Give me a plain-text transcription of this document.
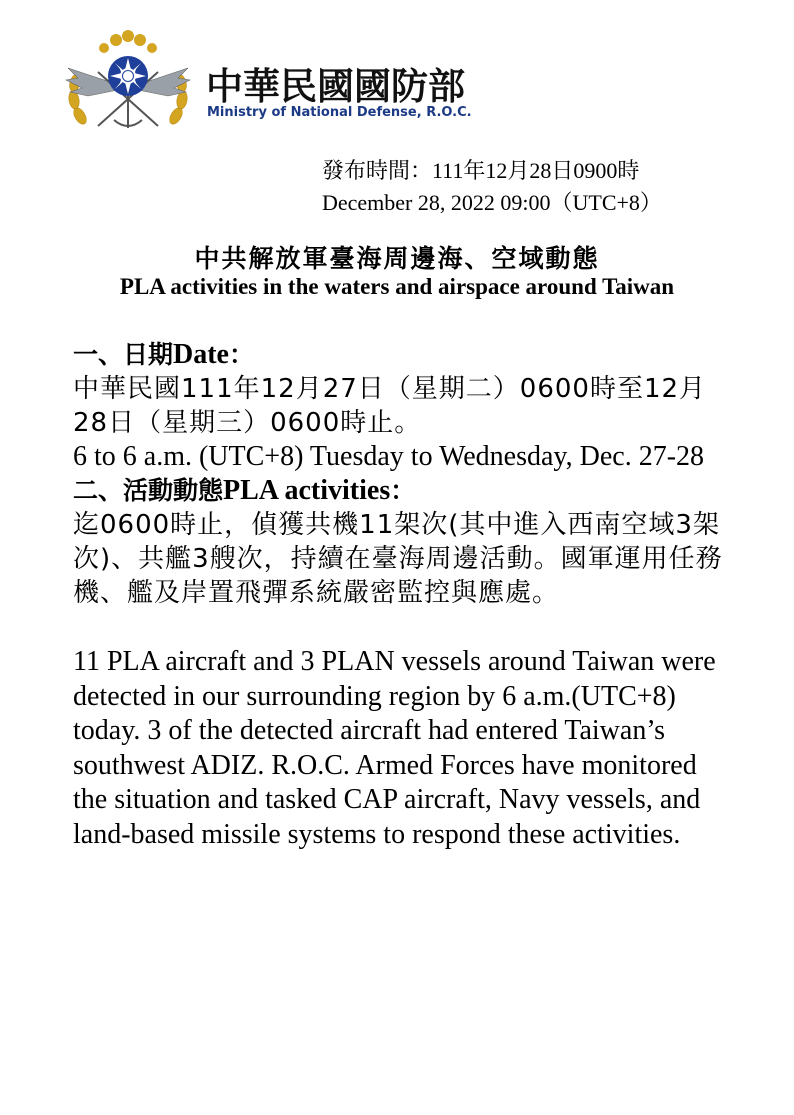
中華民國國防部
Ministry of National Defense, R.O.C.
發布時間：111年12月28日0900時
December 28, 2022 09:00（UTC+8）
中共解放軍臺海周邊海、空域動態
PLA activities in the waters and airspace around Taiwan

一、日期Date：

中華民國111年12月27日（星期二）0600時至12月28日（星期三）0600時止。

6 to 6 a.m. (UTC+8) Tuesday to Wednesday, Dec. 27-28

二、活動動態PLA activities：

迄0600時止，偵獲共機11架次(其中進入西南空域3架次)、共艦3艘次，持續在臺海周邊活動。國軍運用任務機、艦及岸置飛彈系統嚴密監控與應處。

11 PLA aircraft and 3 PLAN vessels around Taiwan were detected in our surrounding region by 6 a.m.(UTC+8) today. 3 of the detected aircraft had entered Taiwan’s southwest ADIZ. R.O.C. Armed Forces have monitored the situation and tasked CAP aircraft, Navy vessels, and land-based missile systems to respond these activities.
